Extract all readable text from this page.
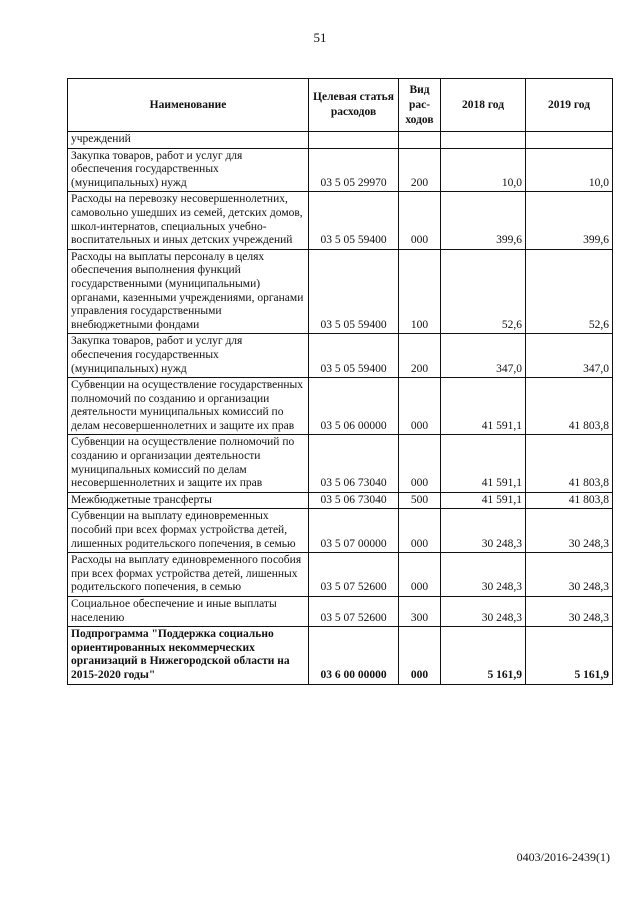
51
Наименование	Целевая статья расходов	Вид рас-ходов	2018 год	2019 год
учреждений				
Закупка товаров, работ и услуг для обеспечения государственных (муниципальных) нужд	03 5 05 29970	200	10,0	10,0
Расходы на перевозку несовершеннолетних, самовольно ушедших из семей, детских домов, школ-интернатов, специальных учебно-воспитательных и иных детских учреждений	03 5 05 59400	000	399,6	399,6
Расходы на выплаты персоналу в целях обеспечения выполнения функций государственными (муниципальными) органами, казенными учреждениями, органами управления государственными внебюджетными фондами	03 5 05 59400	100	52,6	52,6
Закупка товаров, работ и услуг для обеспечения государственных (муниципальных) нужд	03 5 05 59400	200	347,0	347,0
Субвенции на осуществление государственных полномочий по созданию и организации деятельности муниципальных комиссий по делам несовершеннолетних и защите их прав	03 5 06 00000	000	41 591,1	41 803,8
Субвенции на осуществление полномочий по созданию и организации деятельности муниципальных комиссий по делам несовершеннолетних и защите их прав	03 5 06 73040	000	41 591,1	41 803,8
Межбюджетные трансферты	03 5 06 73040	500	41 591,1	41 803,8
Субвенции на выплату единовременных пособий при всех формах устройства детей, лишенных родительского попечения, в семью	03 5 07 00000	000	30 248,3	30 248,3
Расходы на выплату единовременного пособия при всех формах устройства детей, лишенных родительского попечения, в семью	03 5 07 52600	000	30 248,3	30 248,3
Социальное обеспечение и иные выплаты населению	03 5 07 52600	300	30 248,3	30 248,3
Подпрограмма "Поддержка социально ориентированных некоммерческих организаций в Нижегородской области на 2015-2020 годы"	03 6 00 00000	000	5 161,9	5 161,9
0403/2016-2439(1)
